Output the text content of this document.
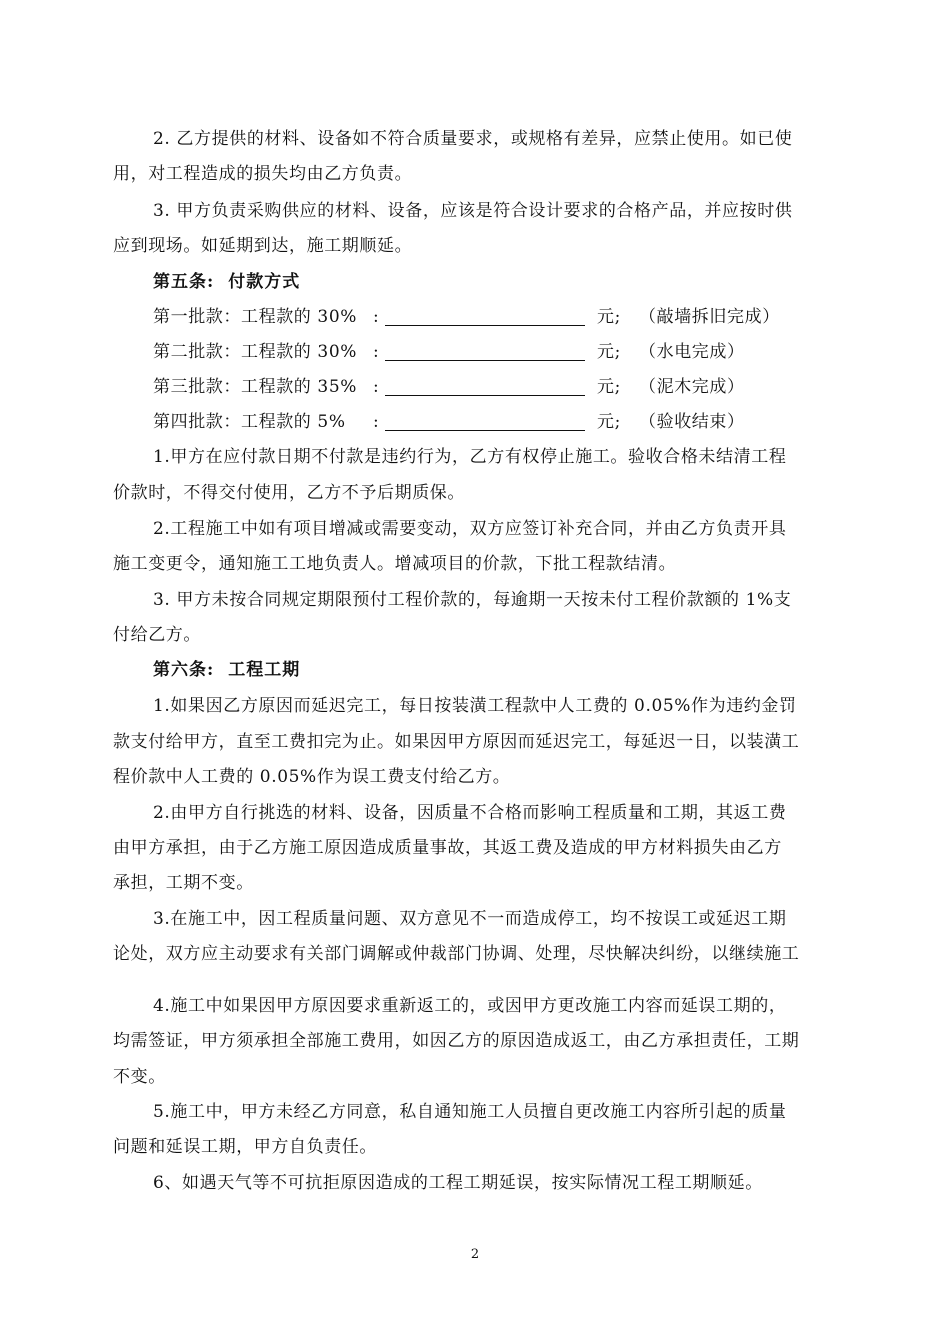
2. 乙方提供的材料、设备如不符合质量要求，或规格有差异，应禁止使用。如已使
用，对工程造成的损失均由乙方负责。
3. 甲方负责采购供应的材料、设备，应该是符合设计要求的合格产品，并应按时供
应到现场。如延期到达，施工期顺延。
第五条: 付款方式
第一批款：工程款的 30% :	元; （敲墙拆旧完成）
第二批款：工程款的 30% :	元; （水电完成）
第三批款：工程款的 35% :	元; （泥木完成）
第四批款：工程款的 5% :	元; （验收结束）
1.甲方在应付款日期不付款是违约行为，乙方有权停止施工。验收合格未结清工程
价款时，不得交付使用，乙方不予后期质保。
2.工程施工中如有项目增减或需要变动，双方应签订补充合同，并由乙方负责开具
施工变更令，通知施工工地负责人。增减项目的价款，下批工程款结清。
3. 甲方未按合同规定期限预付工程价款的，每逾期一天按未付工程价款额的 1%支
付给乙方。
第六条: 工程工期
1.如果因乙方原因而延迟完工，每日按装潢工程款中人工费的 0.05%作为违约金罚
款支付给甲方，直至工费扣完为止。如果因甲方原因而延迟完工，每延迟一日，以装潢工
程价款中人工费的 0.05%作为误工费支付给乙方。
2.由甲方自行挑选的材料、设备，因质量不合格而影响工程质量和工期，其返工费
由甲方承担，由于乙方施工原因造成质量事故，其返工费及造成的甲方材料损失由乙方
承担，工期不变。
3.在施工中，因工程质量问题、双方意见不一而造成停工，均不按误工或延迟工期
论处，双方应主动要求有关部门调解或仲裁部门协调、处理，尽快解决纠纷，以继续施工
4.施工中如果因甲方原因要求重新返工的，或因甲方更改施工内容而延误工期的，
均需签证，甲方须承担全部施工费用，如因乙方的原因造成返工，由乙方承担责任，工期
不变。
5.施工中，甲方未经乙方同意，私自通知施工人员擅自更改施工内容所引起的质量
问题和延误工期，甲方自负责任。
6、如遇天气等不可抗拒原因造成的工程工期延误，按实际情况工程工期顺延。
2
